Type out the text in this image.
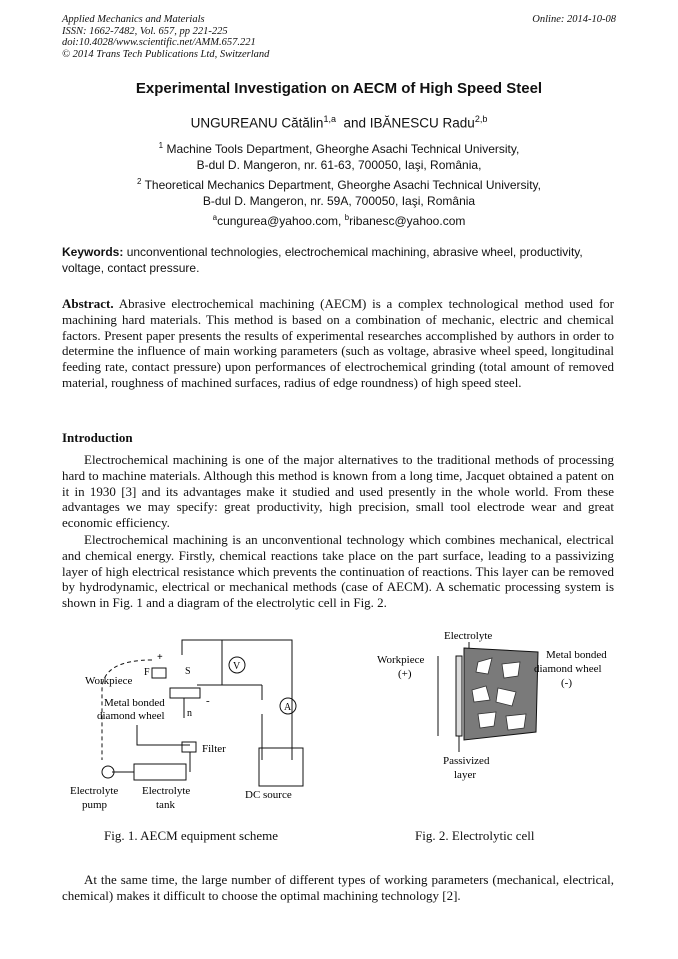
Applied Mechanics and Materials
ISSN: 1662-7482, Vol. 657, pp 221-225
doi:10.4028/www.scientific.net/AMM.657.221
© 2014 Trans Tech Publications Ltd, Switzerland
Online: 2014-10-08
Experimental Investigation on AECM of High Speed Steel
UNGUREANU Cătălin$^{1,a}$ and IBĂNESCU Radu$^{2,b}$
$^1$ Machine Tools Department, Gheorghe Asachi Technical University,
B-dul D. Mangeron, nr. 61-63, 700050, Iaşi, România,
$^2$ Theoretical Mechanics Department, Gheorghe Asachi Technical University,
B-dul D. Mangeron, nr. 59A, 700050, Iaşi, România
$^a$cungurea@yahoo.com, $^b$ribanesc@yahoo.com
Keywords: unconventional technologies, electrochemical machining, abrasive wheel, productivity, voltage, contact pressure.
Abstract. Abrasive electrochemical machining (AECM) is a complex technological method used for machining hard materials. This method is based on a combination of mechanic, electric and chemical factors. Present paper presents the results of experimental researches accomplished by authors in order to determine the influence of main working parameters (such as voltage, abrasive wheel speed, longitudinal feeding rate, contact pressure) upon performances of electrochemical grinding (total amount of removed material, roughness of machined surfaces, radius of edge roundness) of high speed steel.
Introduction
Electrochemical machining is one of the major alternatives to the traditional methods of processing hard to machine materials. Although this method is known from a long time, Jacquet obtained a patent on it in 1930 [3] and its advantages make it studied and used presently in the whole world. From these advantages we may specify: great productivity, high precision, small tool electrode wear and great economic efficiency.
Electrochemical machining is an unconventional technology which combines mechanical, electrical and chemical energy. Firstly, chemical reactions take place on the part surface, leading to a passivizing layer of high electrical resistance which prevents the continuation of reactions. This layer can be removed by hydrodynamic, electrical or mechanical methods (case of AECM). A schematic processing system is shown in Fig. 1 and a diagram of the electrolytic cell in Fig. 2.
F
+
S
-
n
V
A
Workpiece
Metal bonded
diamond wheel
Filter
Electrolyte
pump
Electrolyte
tank
DC source
Electrolyte
Workpiece
(+)
Metal bonded
diamond wheel
(-)
Passivized
layer
Fig. 1. AECM equipment scheme	Fig. 2. Electrolytic cell
At the same time, the large number of different types of working parameters (mechanical, electrical, chemical) makes it difficult to choose the optimal machining technology [2].
